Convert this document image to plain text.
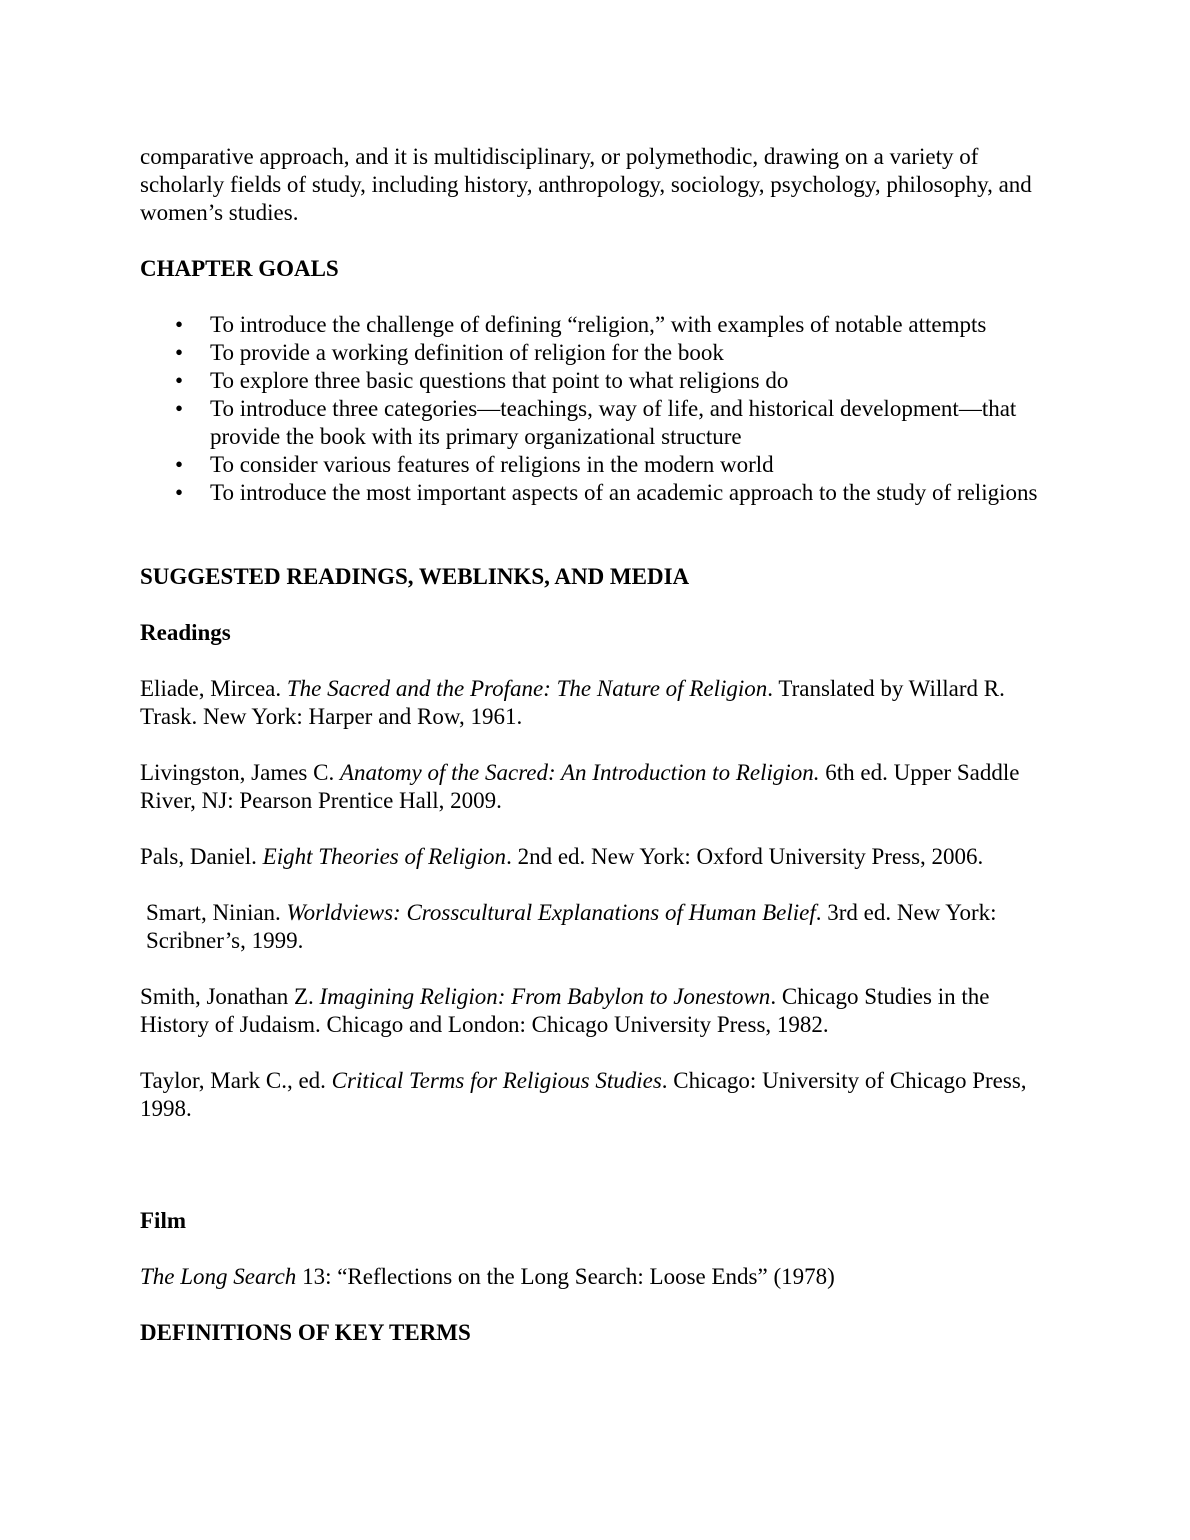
comparative approach, and it is multidisciplinary, or polymethodic, drawing on a variety of scholarly fields of study, including history, anthropology, sociology, psychology, philosophy, and women’s studies.

CHAPTER GOALS
• To introduce the challenge of defining “religion,” with examples of notable attempts
• To provide a working definition of religion for the book
• To explore three basic questions that point to what religions do
• To introduce three categories—teachings, way of life, and historical development—that provide the book with its primary organizational structure
• To consider various features of religions in the modern world
• To introduce the most important aspects of an academic approach to the study of religions
SUGGESTED READINGS, WEBLINKS, AND MEDIA
Readings

Eliade, Mircea. The Sacred and the Profane: The Nature of Religion. Translated by Willard R. Trask. New York: Harper and Row, 1961.

Livingston, James C. Anatomy of the Sacred: An Introduction to Religion. 6th ed. Upper Saddle River, NJ: Pearson Prentice Hall, 2009.

Pals, Daniel. Eight Theories of Religion. 2nd ed. New York: Oxford University Press, 2006.

Smart, Ninian. Worldviews: Crosscultural Explanations of Human Belief. 3rd ed. New York: Scribner’s, 1999.

Smith, Jonathan Z. Imagining Religion: From Babylon to Jonestown. Chicago Studies in the History of Judaism. Chicago and London: Chicago University Press, 1982.

Taylor, Mark C., ed. Critical Terms for Religious Studies. Chicago: University of Chicago Press, 1998.

Film

The Long Search 13: “Reflections on the Long Search: Loose Ends” (1978)

DEFINITIONS OF KEY TERMS
